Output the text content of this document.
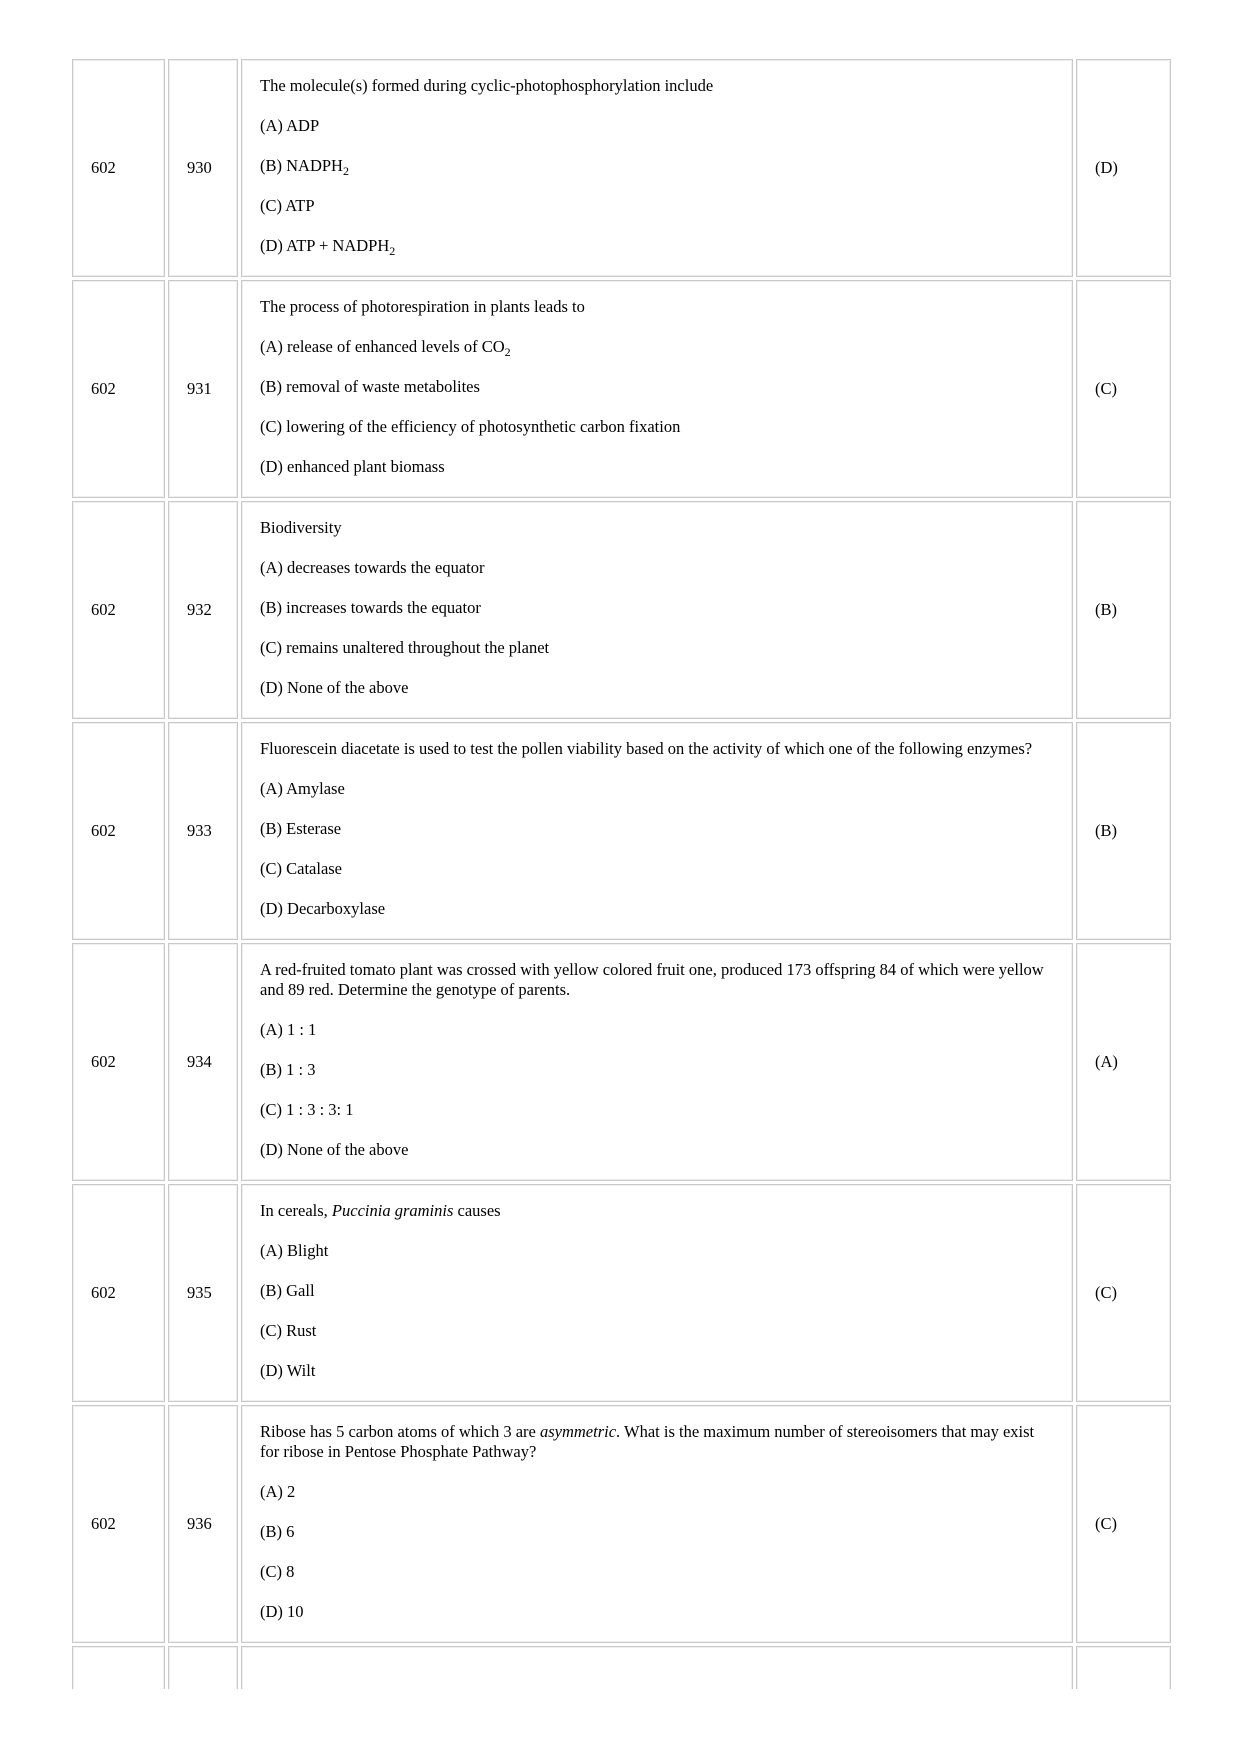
602	930
The molecule(s) formed during cyclic-photophosphorylation include
(A) ADP
(B) $NADPH_2$
(C) ATP
(D) ATP + $NADPH_2$
(D)
602	931
The process of photorespiration in plants leads to
(A) release of enhanced levels of $CO_2$
(B) removal of waste metabolites
(C) lowering of the efficiency of photosynthetic carbon fixation
(D) enhanced plant biomass
(C)
602	932
Biodiversity
(A) decreases towards the equator
(B) increases towards the equator
(C) remains unaltered throughout the planet
(D) None of the above
(B)
602	933
Fluorescein diacetate is used to test the pollen viability based on the activity of which one of the following enzymes?
(A) Amylase
(B) Esterase
(C) Catalase
(D) Decarboxylase
(B)
602	934
A red-fruited tomato plant was crossed with yellow colored fruit one, produced 173 offspring 84 of which were yellow and 89 red. Determine the genotype of parents.
(A) 1 : 1
(B) 1 : 3
(C) 1 : 3 : 3: 1
(D) None of the above
(A)
602	935
In cereals, Puccinia graminis causes
(A) Blight
(B) Gall
(C) Rust
(D) Wilt
(C)
602	936
Ribose has 5 carbon atoms of which 3 are asymmetric. What is the maximum number of stereoisomers that may exist for ribose in Pentose Phosphate Pathway?
(A) 2
(B) 6
(C) 8
(D) 10
(C)
